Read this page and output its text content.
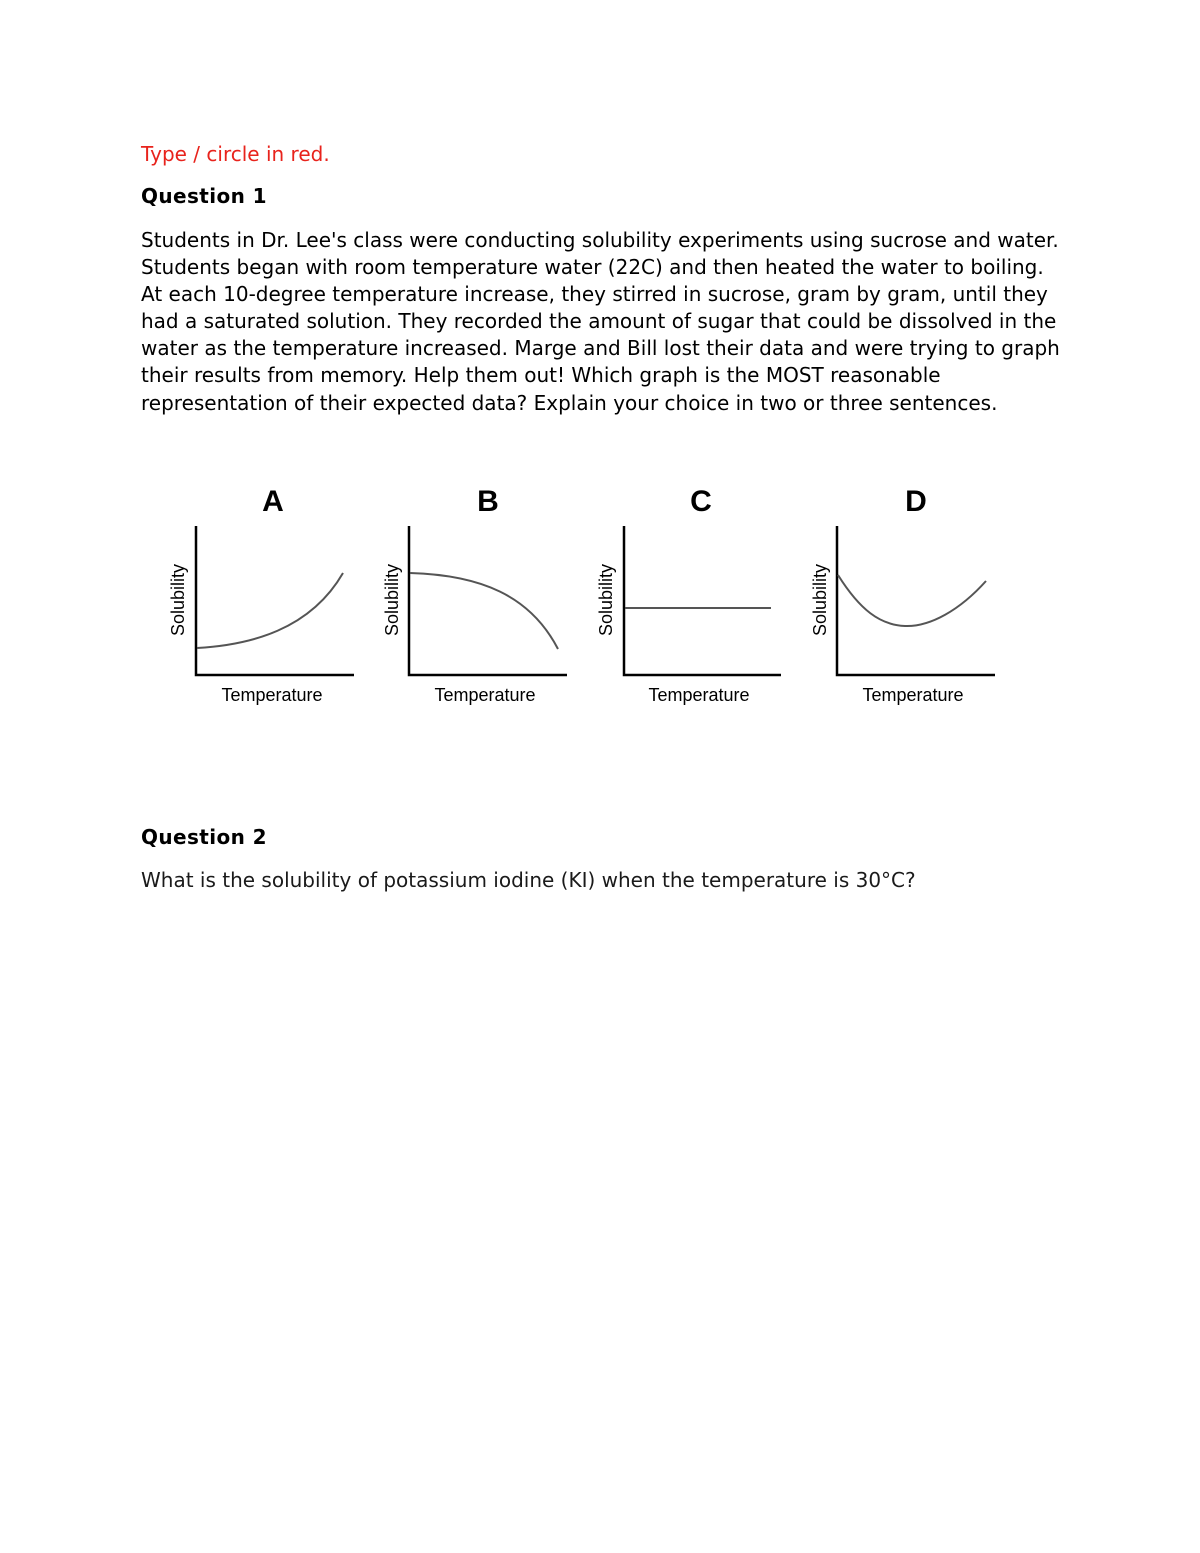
Type / circle in red.

Question 1

Students in Dr. Lee's class were conducting solubility experiments using sucrose and water. Students began with room temperature water (22C) and then heated the water to boiling. At each 10-degree temperature increase, they stirred in sucrose, gram by gram, until they had a saturated solution. They recorded the amount of sugar that could be dissolved in the water as the temperature increased. Marge and Bill lost their data and were trying to graph their results from memory. Help them out! Which graph is the MOST reasonable representation of their expected data? Explain your choice in two or three sentences.

A
Solubility
Temperature
B
Solubility
Temperature
C
Solubility
Temperature
D
Solubility
Temperature

Question 2

What is the solubility of potassium iodine (KI) when the temperature is 30°C?
